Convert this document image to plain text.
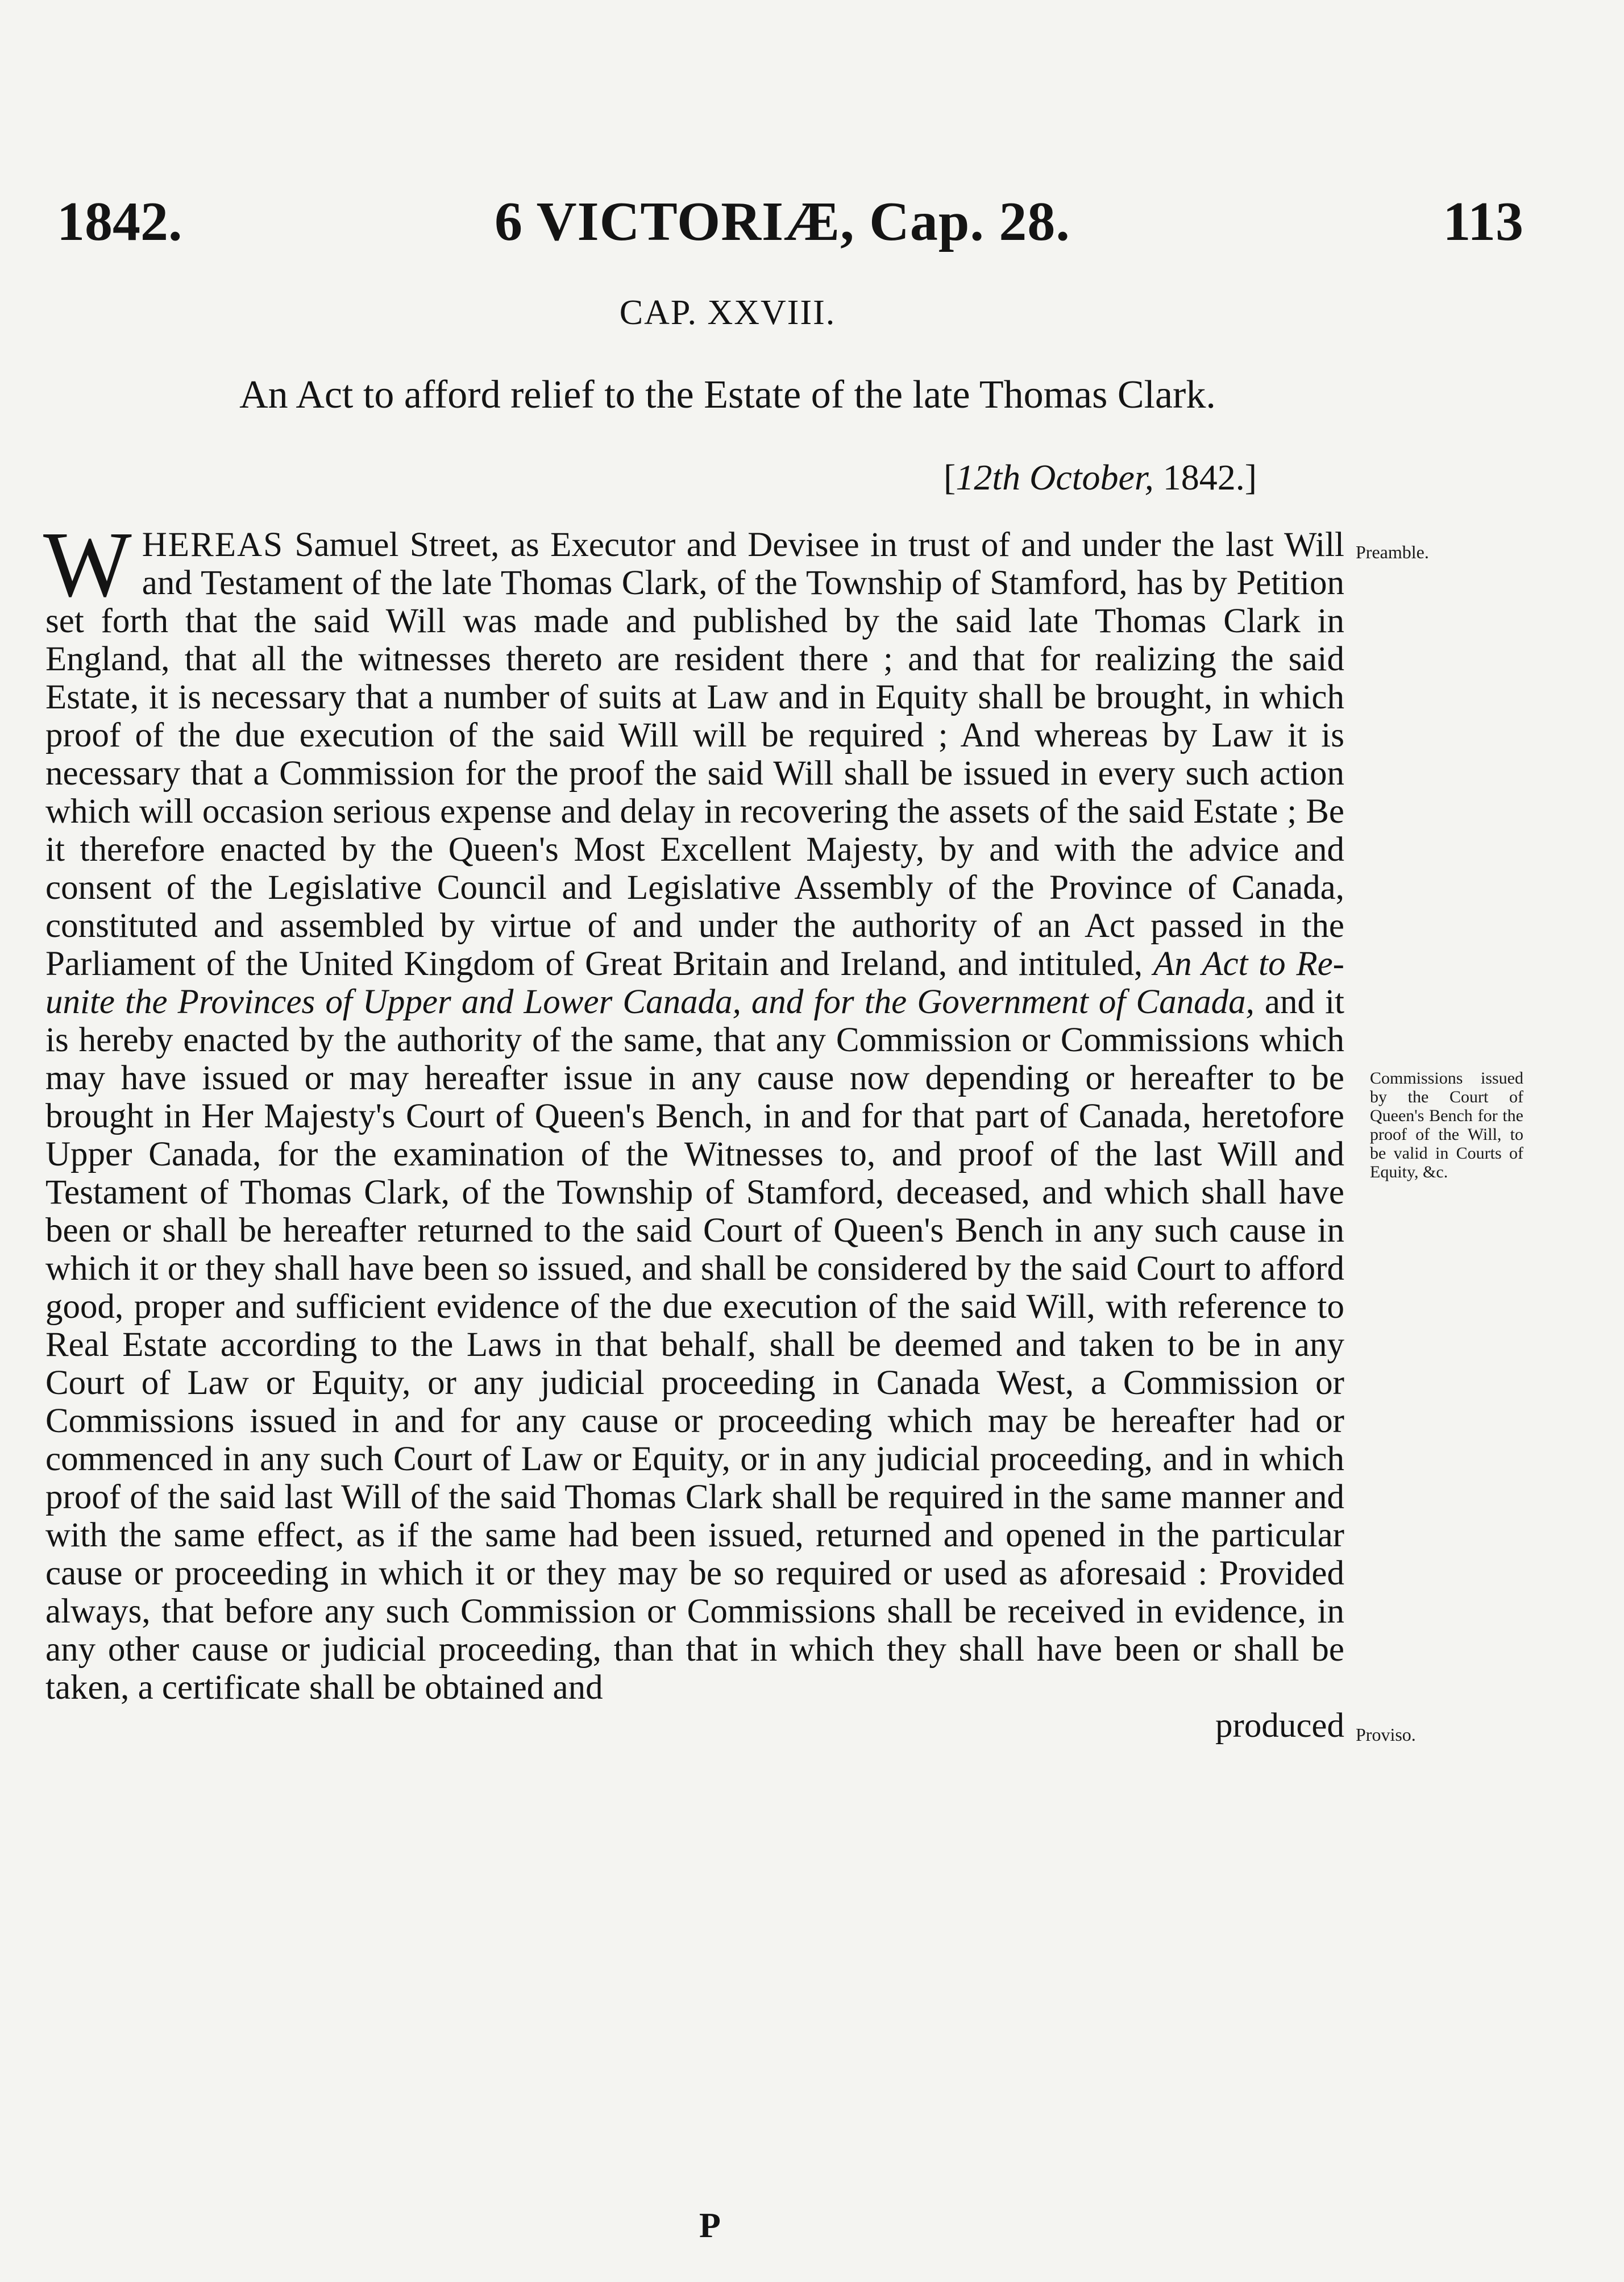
1842.	6 VICTORIÆ, Cap. 28.	113
CAP. XXVIII.
An Act to afford relief to the Estate of the late Thomas Clark.
[12th October, 1842.]

WHEREAS Samuel Street, as Executor and Devisee in trust of and under the last Will and Testament of the late Thomas Clark, of the Township of Stamford, has by Petition set forth that the said Will was made and published by the said late Thomas Clark in England, that all the witnesses thereto are resident there ; and that for realizing the said Estate, it is necessary that a number of suits at Law and in Equity shall be brought, in which proof of the due execution of the said Will will be required ; And whereas by Law it is necessary that a Commission for the proof the said Will shall be issued in every such action which will occasion serious expense and delay in recovering the assets of the said Estate ; Be it therefore enacted by the Queen's Most Excellent Majesty, by and with the advice and consent of the Legislative Council and Legislative Assembly of the Province of Canada, constituted and assembled by virtue of and under the authority of an Act passed in the Parliament of the United Kingdom of Great Britain and Ireland, and intituled, An Act to Re-unite the Provinces of Upper and Lower Canada, and for the Government of Canada, and it is hereby enacted by the authority of the same, that any Commission or Commissions which may have issued or may hereafter issue in any cause now depending or hereafter to be brought in Her Majesty's Court of Queen's Bench, in and for that part of Canada, heretofore Upper Canada, for the examination of the Witnesses to, and proof of the last Will and Testament of Thomas Clark, of the Township of Stamford, deceased, and which shall have been or shall be hereafter returned to the said Court of Queen's Bench in any such cause in which it or they shall have been so issued, and shall be considered by the said Court to afford good, proper and sufficient evidence of the due execution of the said Will, with reference to Real Estate according to the Laws in that behalf, shall be deemed and taken to be in any Court of Law or Equity, or any judicial proceeding in Canada West, a Commission or Commissions issued in and for any cause or proceeding which may be hereafter had or commenced in any such Court of Law or Equity, or in any judicial proceeding, and in which proof of the said last Will of the said Thomas Clark shall be required in the same manner and with the same effect, as if the same had been issued, returned and opened in the particular cause or proceeding in which it or they may be so required or used as aforesaid : Provided always, that before any such Commission or Commissions shall be received in evidence, in any other cause or judicial proceeding, than that in which they shall have been or shall be taken, a certificate shall be obtained and

produced

Preamble.
Commissions issued by the Court of Queen's Bench for the proof of the Will, to be valid in Courts of Equity, &c.
Proviso.
P
